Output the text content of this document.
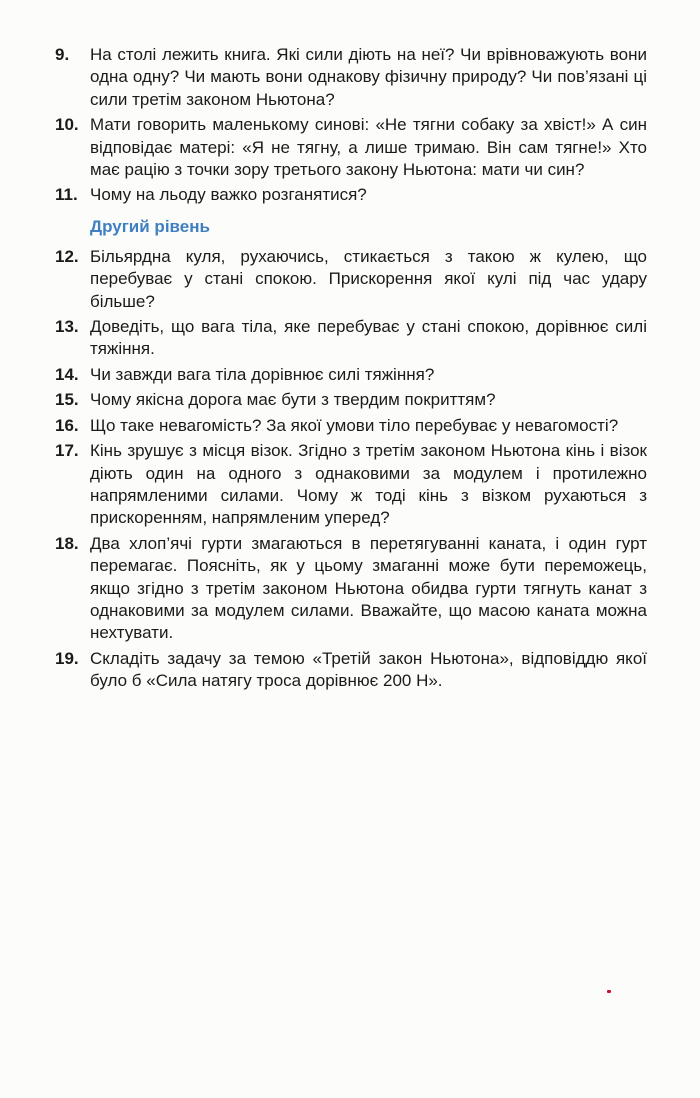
9.	На столі лежить книга. Які сили діють на неї? Чи врівноважують вони одна одну? Чи мають вони однакову фізичну природу? Чи пов’язані ці сили третім законом Ньютона?
10. Мати говорить маленькому синові: «Не тягни собаку за хвіст!» А син відповідає матері: «Я не тягну, а лише тримаю. Він сам тягне!» Хто має рацію з точки зору третього закону Ньютона: мати чи син?
11. Чому на льоду важко розганятися?
Другий рівень
12. Більярдна куля, рухаючись, стикається з такою ж кулею, що перебуває у стані спокою. Прискорення якої кулі під час удару більше?
13. Доведіть, що вага тіла, яке перебуває у стані спокою, дорівнює силі тяжіння.
14. Чи завжди вага тіла дорівнює силі тяжіння?
15. Чому якісна дорога має бути з твердим покриттям?
16. Що таке невагомість? За якої умови тіло перебуває у невагомості?
17. Кінь зрушує з місця візок. Згідно з третім законом Ньютона кінь і візок діють один на одного з однаковими за модулем і протилежно напрямленими силами. Чому ж тоді кінь з візком рухаються з прискоренням, напрямленим уперед?
18. Два хлоп’ячі гурти змагаються в перетягуванні каната, і один гурт перемагає. Поясніть, як у цьому змаганні може бути переможець, якщо згідно з третім законом Ньютона обидва гурти тягнуть канат з однаковими за модулем силами. Вважайте, що масою каната можна нехтувати.
19. Складіть задачу за темою «Третій закон Ньютона», відповіддю якої було б «Сила натягу троса дорівнює 200 Н».
